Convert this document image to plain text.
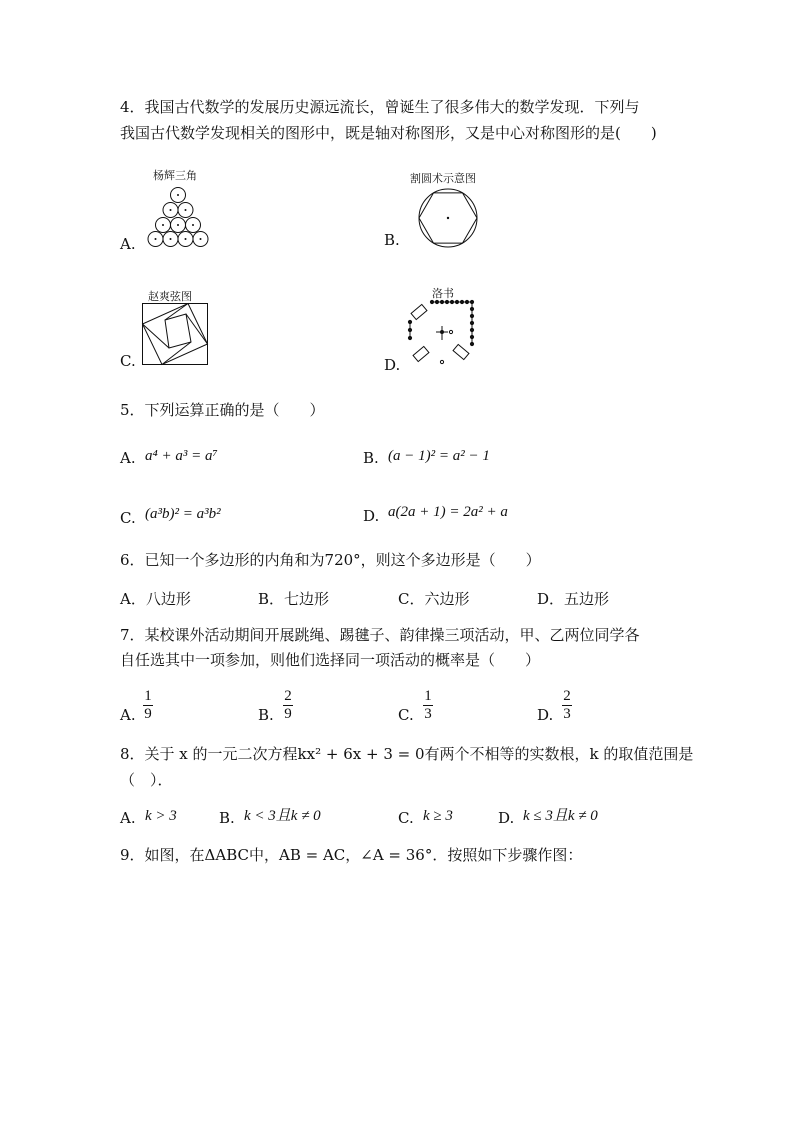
4．我国古代数学的发展历史源远流长，曾诞生了很多伟大的数学发现．下列与
我国古代数学发现相关的图形中，既是轴对称图形，又是中心对称图形的是(　　)
杨辉三角
A.
割圆术示意图
B.
赵爽弦图
C.
洛书
D.
5．下列运算正确的是（　　）
A. a⁴ + a³ = a⁷	B. (a − 1)² = a² − 1
C. (a³b)² = a³b²	D. a(2a + 1) = 2a² + a
6．已知一个多边形的内角和为720°，则这个多边形是（　　）
A．八边形	B．七边形	C．六边形	D．五边形
7．某校课外活动期间开展跳绳、踢毽子、韵律操三项活动，甲、乙两位同学各
自任选其中一项参加，则他们选择同一项活动的概率是（　　）
A.
1
9	B.
2
9	C.
1
3	D.
2
3
8．关于 x 的一元二次方程kx² + 6x + 3 = 0有两个不相等的实数根，k 的取值范围是
（　）．
A. k > 3	B. k < 3且k ≠ 0	C. k ≥ 3	D. k ≤ 3且k ≠ 0
9．如图，在ΔABC中，AB = AC，∠A = 36°．按照如下步骤作图：
